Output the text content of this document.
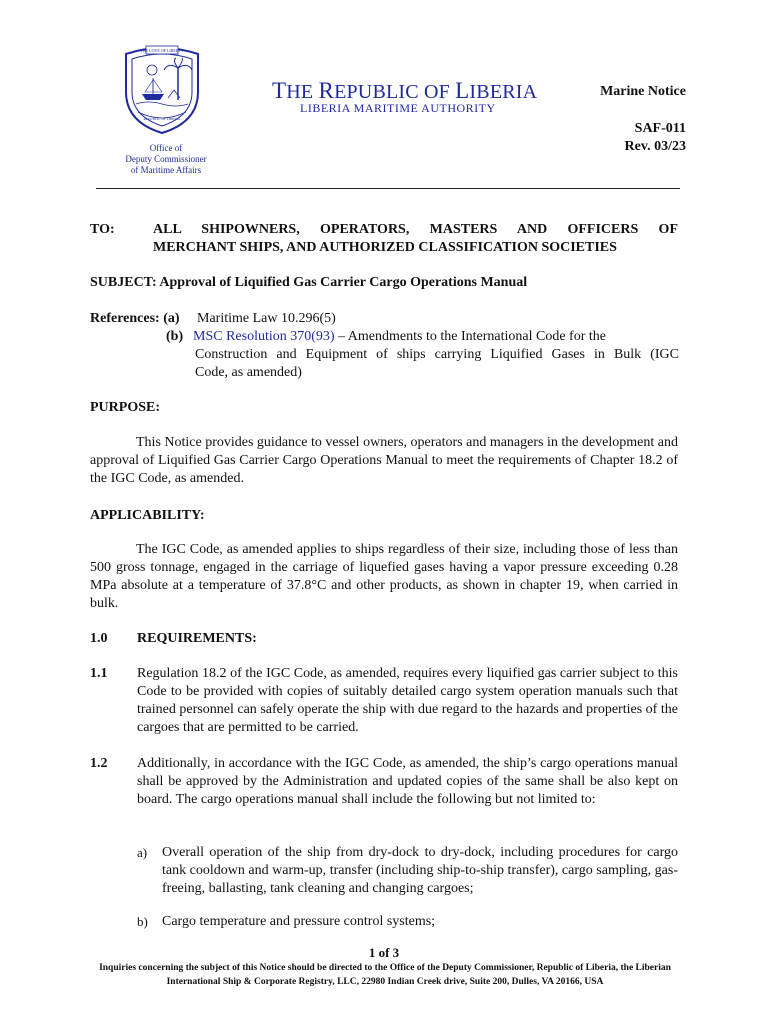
THE LOVE OF LIBERTY
REPUBLIC OF LIBERIA
Office of
Deputy Commissioner
of Maritime Affairs
THE REPUBLIC OF LIBERIA
LIBERIA MARITIME AUTHORITY
Marine Notice
SAF-011
Rev. 03/23
TO:	ALL SHIPOWNERS, OPERATORS, MASTERS AND OFFICERS OF
MERCHANT SHIPS, AND AUTHORIZED CLASSIFICATION SOCIETIES
SUBJECT: Approval of Liquified Gas Carrier Cargo Operations Manual
References: (a) Maritime Law 10.296(5)
(b) MSC Resolution 370(93) – Amendments to the International Code for the
Construction and Equipment of ships carrying Liquified Gases in Bulk (IGC
Code, as amended)
PURPOSE:
This Notice provides guidance to vessel owners, operators and managers in the development and approval of Liquified Gas Carrier Cargo Operations Manual to meet the requirements of Chapter 18.2 of the IGC Code, as amended.
APPLICABILITY:
The IGC Code, as amended applies to ships regardless of their size, including those of less than 500 gross tonnage, engaged in the carriage of liquefied gases having a vapor pressure exceeding 0.28 MPa absolute at a temperature of 37.8°C and other products, as shown in chapter 19, when carried in bulk.
1.0 REQUIREMENTS:
1.1 Regulation 18.2 of the IGC Code, as amended, requires every liquified gas carrier subject to this Code to be provided with copies of suitably detailed cargo system operation manuals such that trained personnel can safely operate the ship with due regard to the hazards and properties of the cargoes that are permitted to be carried.
1.2 Additionally, in accordance with the IGC Code, as amended, the ship’s cargo operations manual shall be approved by the Administration and updated copies of the same shall be also kept on board. The cargo operations manual shall include the following but not limited to:
a) Overall operation of the ship from dry-dock to dry-dock, including procedures for cargo tank cooldown and warm-up, transfer (including ship-to-ship transfer), cargo sampling, gas-freeing, ballasting, tank cleaning and changing cargoes;
b) Cargo temperature and pressure control systems;
1 of 3
Inquiries concerning the subject of this Notice should be directed to the Office of the Deputy Commissioner, Republic of Liberia, the Liberian International Ship & Corporate Registry, LLC, 22980 Indian Creek drive, Suite 200, Dulles, VA 20166, USA
